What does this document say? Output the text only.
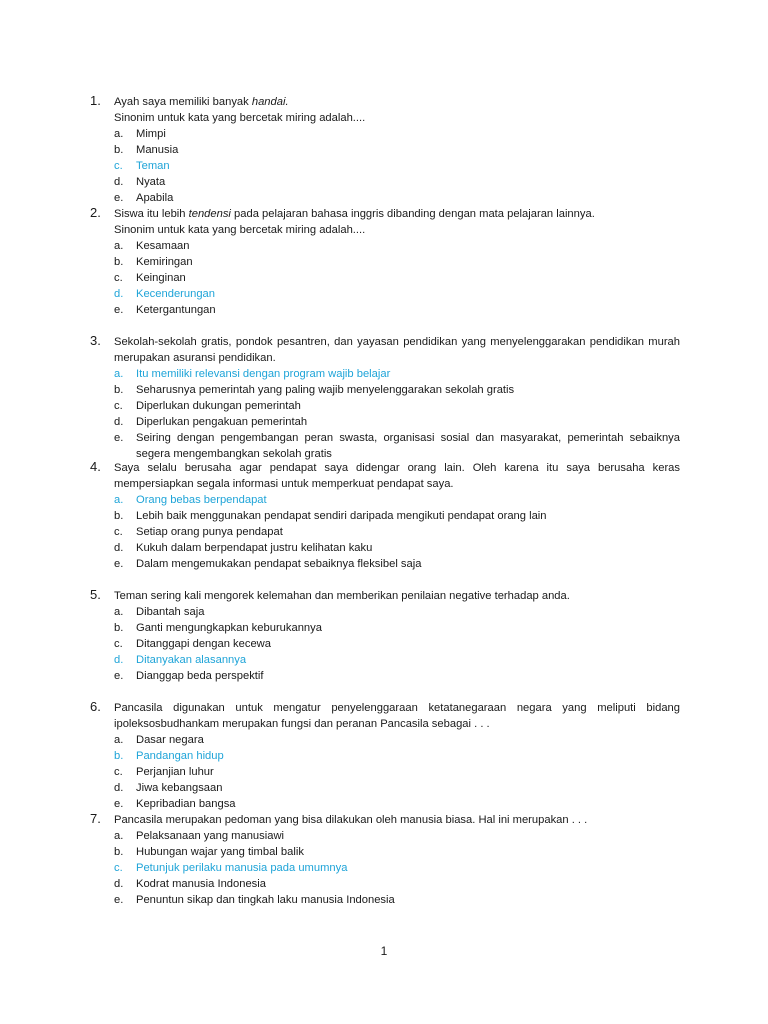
1. Ayah saya memiliki banyak handai.
Sinonim untuk kata yang bercetak miring adalah....
a.	Mimpi
b.	Manusia
c.	Teman
d.	Nyata
e.	Apabila
2. Siswa itu lebih tendensi pada pelajaran bahasa inggris dibanding dengan mata pelajaran lainnya.
Sinonim untuk kata yang bercetak miring adalah....
a.	Kesamaan
b.	Kemiringan
c.	Keinginan
d.	Kecenderungan
e.	Ketergantungan
3. Sekolah-sekolah gratis, pondok pesantren, dan yayasan pendidikan yang menyelenggarakan pendidikan murah merupakan asuransi pendidikan.
a.	Itu memiliki relevansi dengan program wajib belajar
b.	Seharusnya pemerintah yang paling wajib menyelenggarakan sekolah gratis
c.	Diperlukan dukungan pemerintah
d.	Diperlukan pengakuan pemerintah
e.	Seiring dengan pengembangan peran swasta, organisasi sosial dan masyarakat, pemerintah sebaiknya segera mengembangkan sekolah gratis
4. Saya selalu berusaha agar pendapat saya didengar orang lain. Oleh karena itu saya berusaha keras mempersiapkan segala informasi untuk memperkuat pendapat saya.
a.	Orang bebas berpendapat
b.	Lebih baik menggunakan pendapat sendiri daripada mengikuti pendapat orang lain
c.	Setiap orang punya pendapat
d.	Kukuh dalam berpendapat justru kelihatan kaku
e.	Dalam mengemukakan pendapat sebaiknya fleksibel saja
5. Teman sering kali mengorek kelemahan dan memberikan penilaian negative terhadap anda.
a.	Dibantah saja
b.	Ganti mengungkapkan keburukannya
c.	Ditanggapi dengan kecewa
d.	Ditanyakan alasannya
e.	Dianggap beda perspektif
6. Pancasila digunakan untuk mengatur penyelenggaraan ketatanegaraan negara yang meliputi bidang ipoleksosbudhankam merupakan fungsi dan peranan Pancasila sebagai . . .
a.	Dasar negara
b.	Pandangan hidup
c.	Perjanjian luhur
d.	Jiwa kebangsaan
e.	Kepribadian bangsa
7. Pancasila merupakan pedoman yang bisa dilakukan oleh manusia biasa. Hal ini merupakan . . .
a.	Pelaksanaan yang manusiawi
b.	Hubungan wajar yang timbal balik
c.	Petunjuk perilaku manusia pada umumnya
d.	Kodrat manusia Indonesia
e.	Penuntun sikap dan tingkah laku manusia Indonesia
1
